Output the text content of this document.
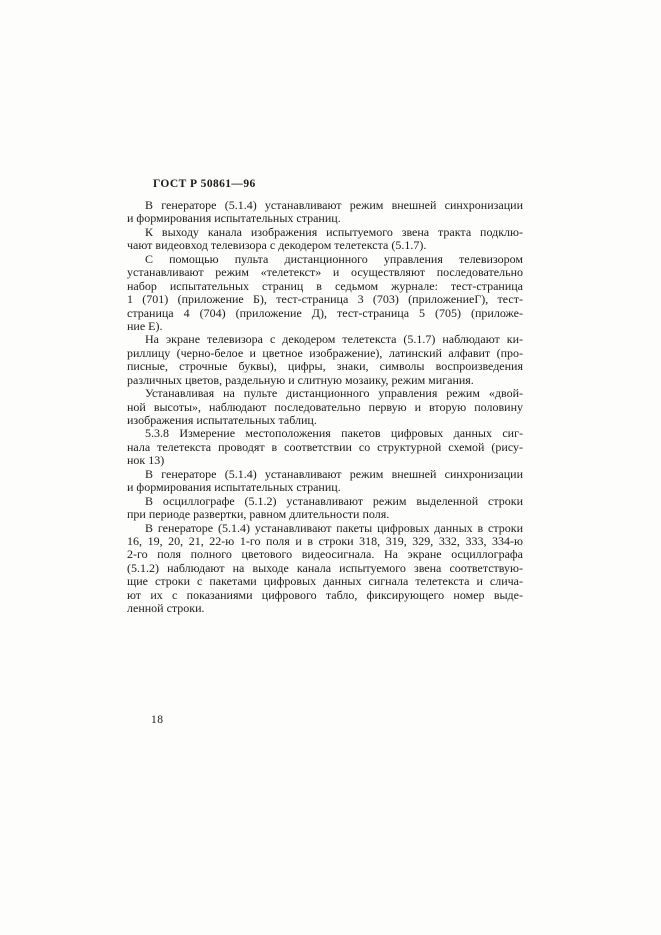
ГОСТ Р 50861—96
В генераторе (5.1.4) устанавливают режим внешней синхронизации
и формирования испытательных страниц.
К выходу канала изображения испытуемого звена тракта подклю-
чают видеовход телевизора с декодером телетекста (5.1.7).
С помощью пульта дистанционного управления телевизором
устанавливают режим «телетекст» и осуществляют последовательно
набор испытательных страниц в седьмом журнале: тест-страница
1 (701) (приложение Б), тест-страница 3 (703) (приложениеГ), тест-
страница 4 (704) (приложение Д), тест-страница 5 (705) (приложе-
ние Е).
На экране телевизора с декодером телетекста (5.1.7) наблюдают ки-
риллицу (черно-белое и цветное изображение), латинский алфавит (про-
писные, строчные буквы), цифры, знаки, символы воспроизведения
различных цветов, раздельную и слитную мозаику, режим мигания.
Устанавливая на пульте дистанционного управления режим «двой-
ной высоты», наблюдают последовательно первую и вторую половину
изображения испытательных таблиц.
5.3.8 Измерение местоположения пакетов цифровых данных сиг-
нала телетекста проводят в соответствии со структурной схемой (рису-
нок 13)
В генераторе (5.1.4) устанавливают режим внешней синхронизации
и формирования испытательных страниц.
В осциллографе (5.1.2) устанавливают режим выделенной строки
при периоде развертки, равном длительности поля.
В генераторе (5.1.4) устанавливают пакеты цифровых данных в строки
16, 19, 20, 21, 22-ю 1-го поля и в строки 318, 319, 329, 332, 333, 334-ю
2-го поля полного цветового видеосигнала. На экране осциллографа
(5.1.2) наблюдают на выходе канала испытуемого звена соответствую-
щие строки с пакетами цифровых данных сигнала телетекста и слича-
ют их с показаниями цифрового табло, фиксирующего номер выде-
ленной строки.
18
